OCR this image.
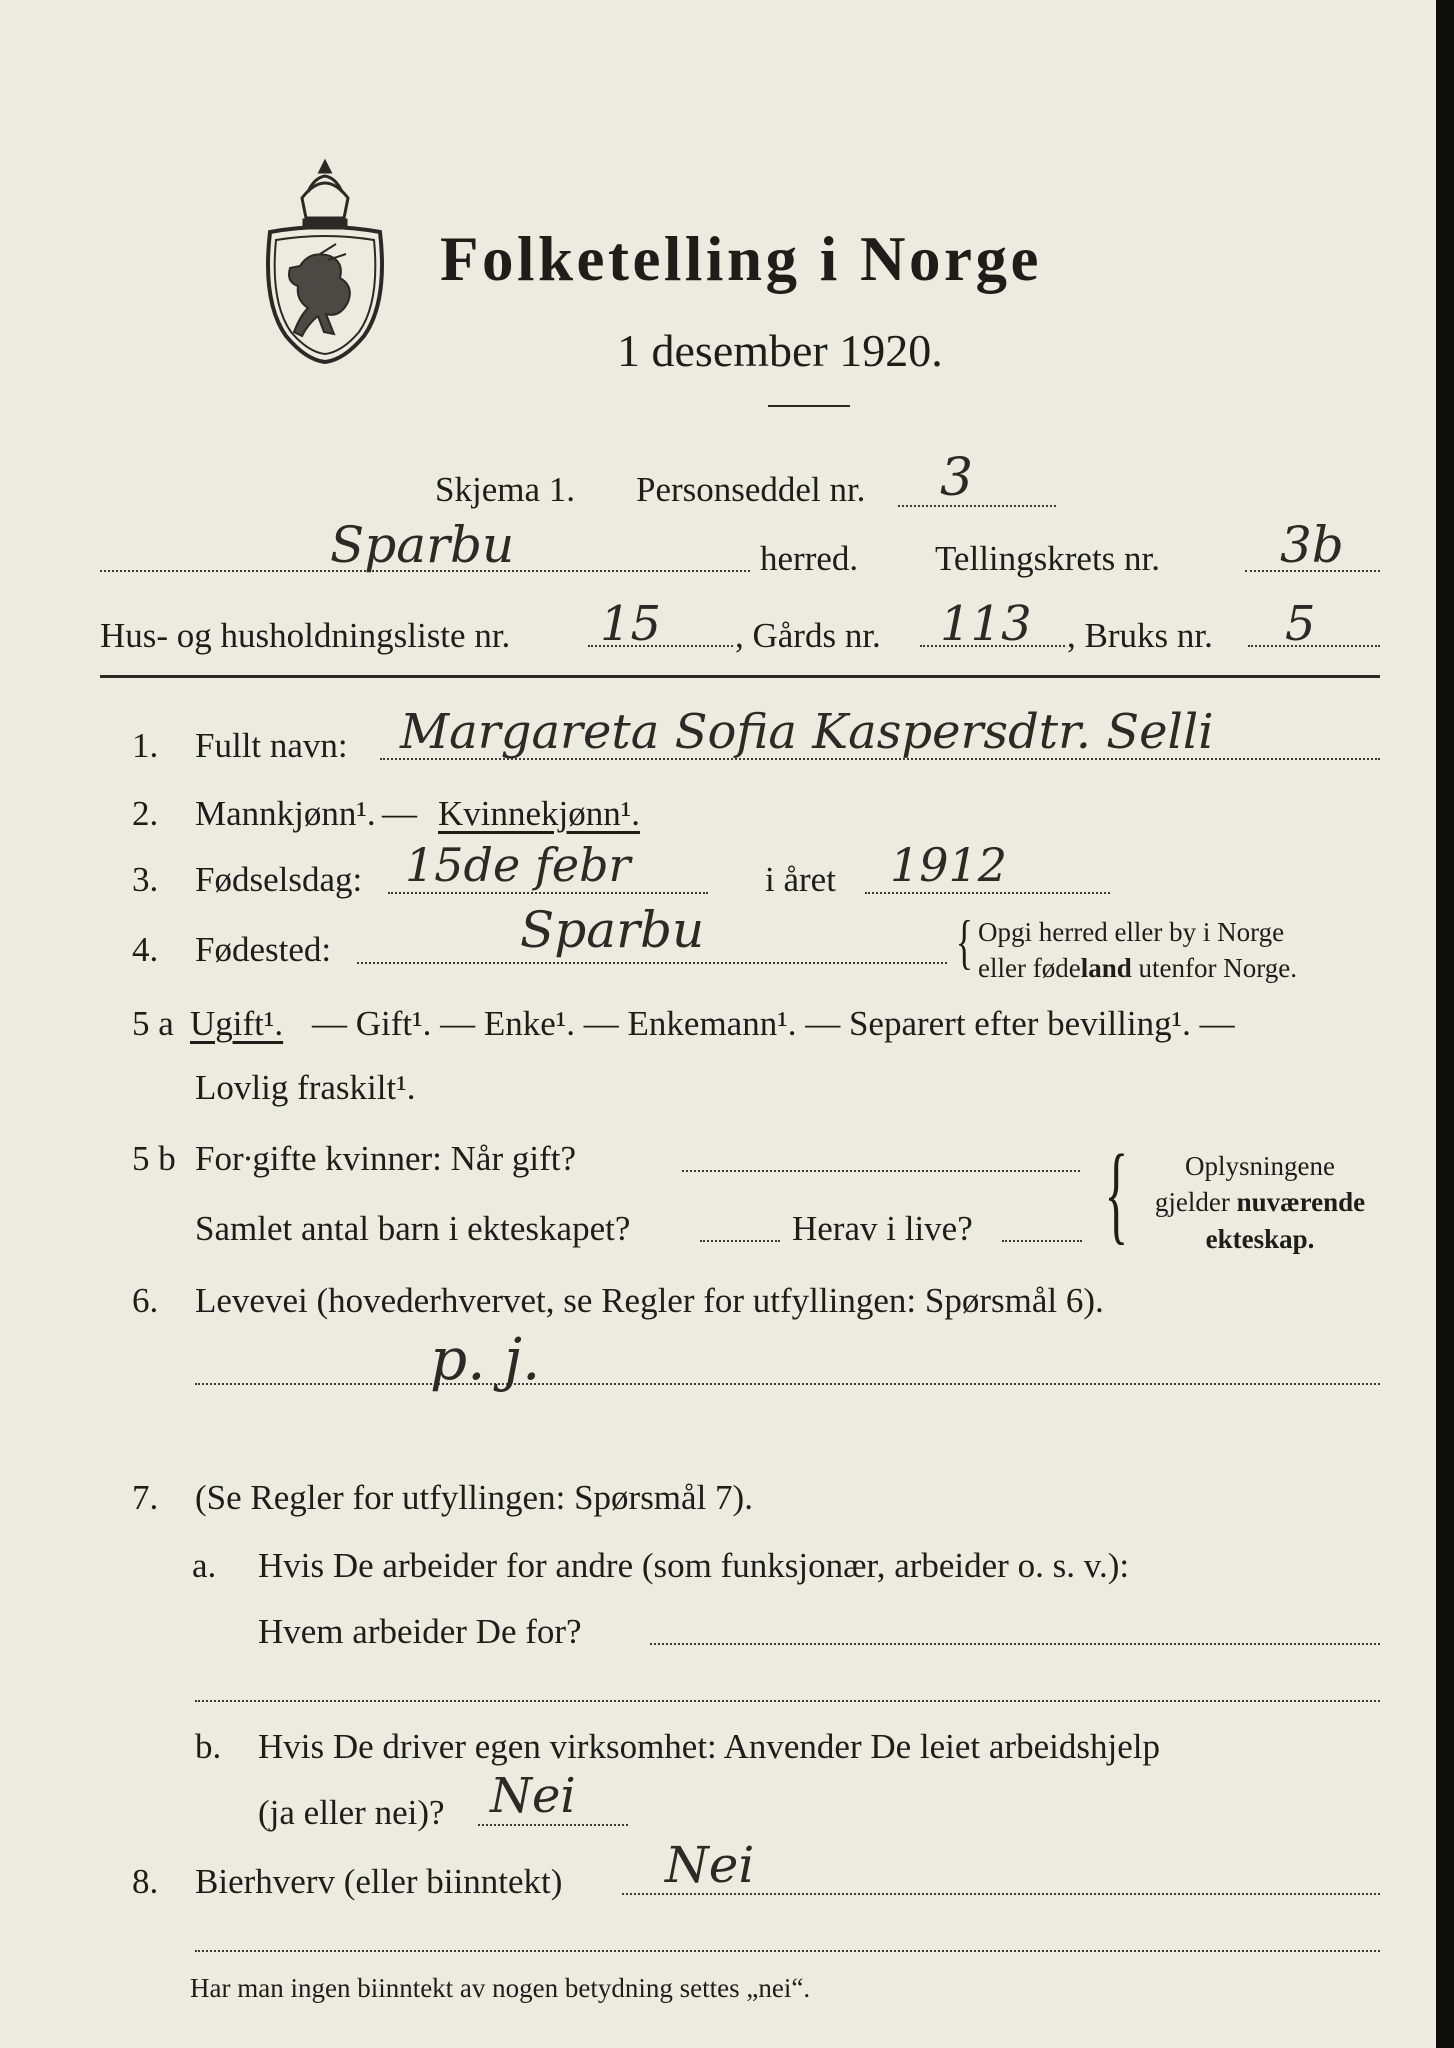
Folketelling i Norge
1 desember 1920.
Skjema 1. Personseddel nr. 3
Sparbu	herred. Tellingskrets nr. 3b
Hus- og husholdningsliste nr. 15 , Gårds nr. 113 , Bruks nr. 5
1. Fullt navn: Margareta Sofia Kaspersdtr. Selli
2. Mannkjønn¹. — Kvinnekjønn¹.
3. Fødselsdag: 15de febr	i året 1912
4. Fødested:	Sparbu	{ Opgi herred eller by i Norge
eller fødeland utenfor Norge.
5 a Ugift¹. — Gift¹. — Enke¹. — Enkemann¹. — Separert efter bevilling¹. —
Lovlig fraskilt¹.
5 b For∙gifte kvinner: Når gift?
Samlet antal barn i ekteskapet?	Herav i live? {	Oplysningene
gjelder nuværende
ekteskap.
6. Levevei (hovederhvervet, se Regler for utfyllingen: Spørsmål 6).
p. j.
7. (Se Regler for utfyllingen: Spørsmål 7).
a. Hvis De arbeider for andre (som funksjonær, arbeider o. s. v.):
Hvem arbeider De for?
b. Hvis De driver egen virksomhet: Anvender De leiet arbeidshjelp
(ja eller nei)? Nei
8. Bierhverv (eller biinntekt) Nei
Har man ingen biinntekt av nogen betydning settes „nei“.
